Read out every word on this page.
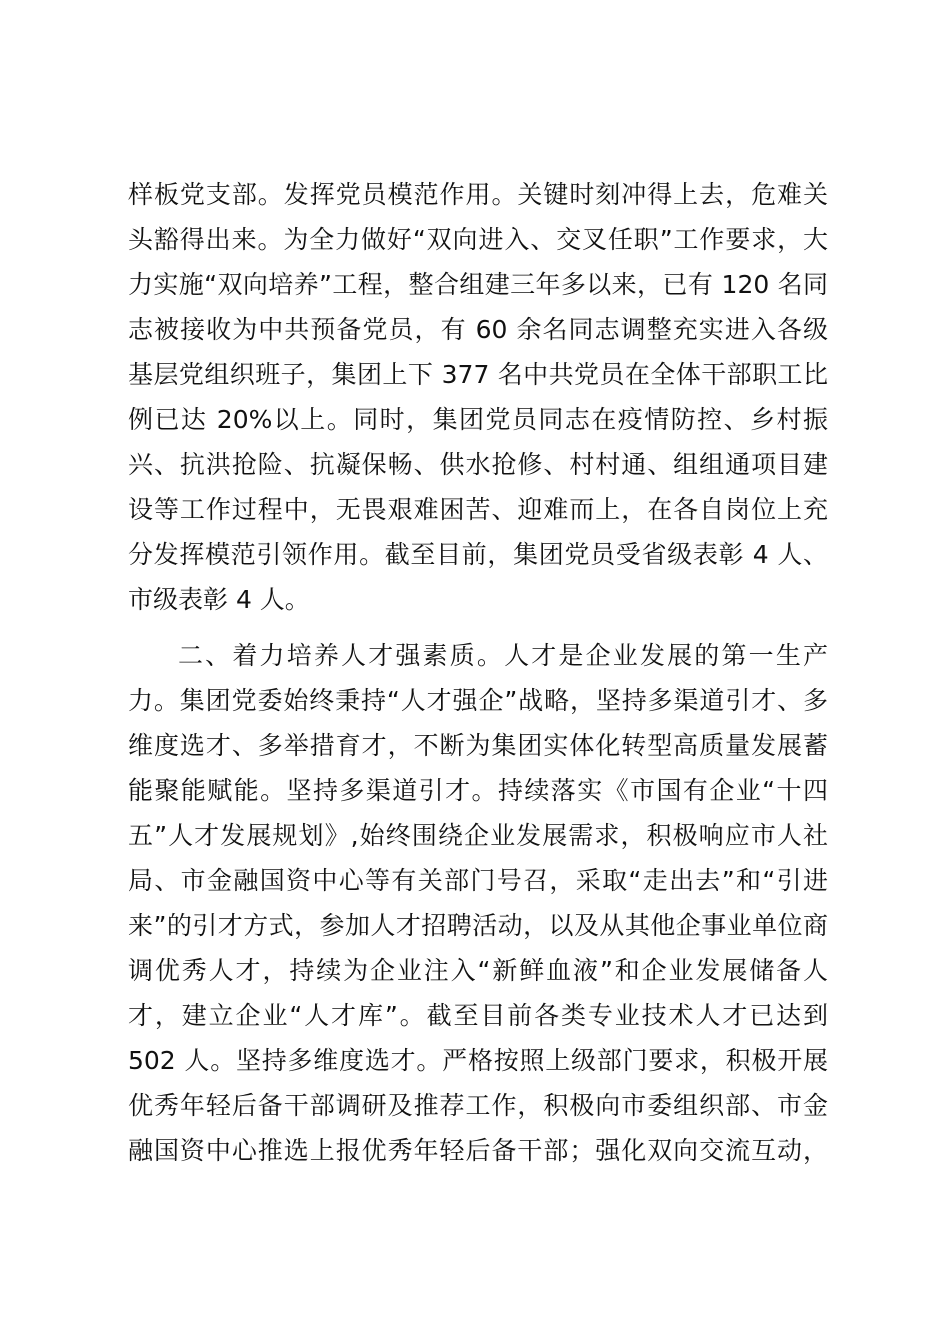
样板党支部。发挥党员模范作用。关键时刻冲得上去，危难关
头豁得出来。为全力做好“双向进入、交叉任职”工作要求，大
力实施“双向培养”工程，整合组建三年多以来，已有 120 名同
志被接收为中共预备党员，有 60 余名同志调整充实进入各级
基层党组织班子，集团上下 377 名中共党员在全体干部职工比
例已达 20%以上。同时，集团党员同志在疫情防控、乡村振
兴、抗洪抢险、抗凝保畅、供水抢修、村村通、组组通项目建
设等工作过程中，无畏艰难困苦、迎难而上，在各自岗位上充
分发挥模范引领作用。截至目前，集团党员受省级表彰 4 人、
市级表彰 4 人。
二、着力培养人才强素质。人才是企业发展的第一生产
力。集团党委始终秉持“人才强企”战略，坚持多渠道引才、多
维度选才、多举措育才，不断为集团实体化转型高质量发展蓄
能聚能赋能。坚持多渠道引才。持续落实《市国有企业“十四
五”人才发展规划》,始终围绕企业发展需求，积极响应市人社
局、市金融国资中心等有关部门号召，采取“走出去”和“引进
来”的引才方式，参加人才招聘活动，以及从其他企事业单位商
调优秀人才，持续为企业注入“新鲜血液”和企业发展储备人
才，建立企业“人才库”。截至目前各类专业技术人才已达到
502 人。坚持多维度选才。严格按照上级部门要求，积极开展
优秀年轻后备干部调研及推荐工作，积极向市委组织部、市金
融国资中心推选上报优秀年轻后备干部；强化双向交流互动，
